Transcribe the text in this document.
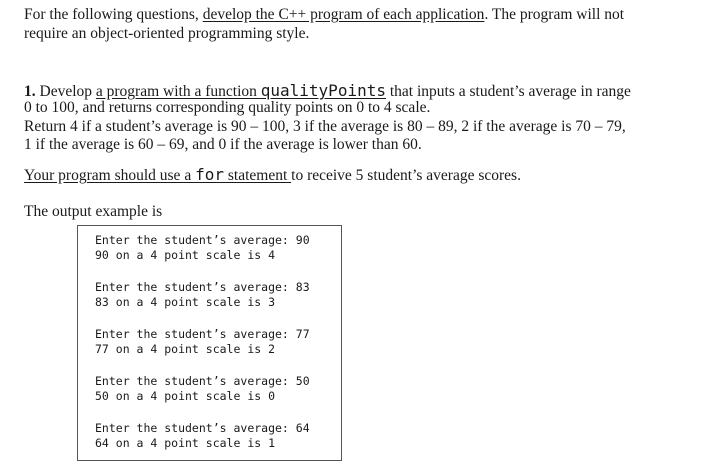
For the following questions, develop the C++ program of each application. The program will not
require an object-oriented programming style.
1. Develop a program with a function qualityPoints that inputs a student’s average in range
0 to 100, and returns corresponding quality points on 0 to 4 scale.
Return 4 if a student’s average is 90 – 100, 3 if the average is 80 – 89, 2 if the average is 70 – 79,
1 if the average is 60 – 69, and 0 if the average is lower than 60.
Your program should use a for statement to receive 5 student’s average scores.
The output example is
Enter the student’s average: 90
90 on a 4 point scale is 4
Enter the student’s average: 83
83 on a 4 point scale is 3
Enter the student’s average: 77
77 on a 4 point scale is 2
Enter the student’s average: 50
50 on a 4 point scale is 0
Enter the student’s average: 64
64 on a 4 point scale is 1
